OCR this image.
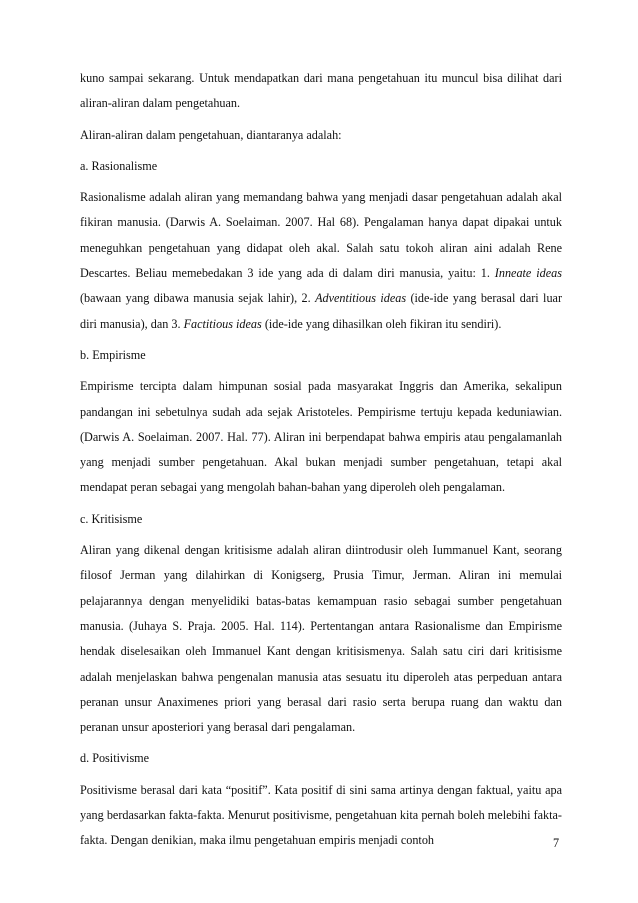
kuno sampai sekarang. Untuk mendapatkan dari mana pengetahuan itu muncul bisa dilihat dari aliran-aliran dalam pengetahuan.

Aliran-aliran dalam pengetahuan, diantaranya adalah:

a. Rasionalisme

Rasionalisme adalah aliran yang memandang bahwa yang menjadi dasar pengetahuan adalah akal fikiran manusia. (Darwis A. Soelaiman. 2007. Hal 68). Pengalaman hanya dapat dipakai untuk meneguhkan pengetahuan yang didapat oleh akal. Salah satu tokoh aliran aini adalah Rene Descartes. Beliau memebedakan 3 ide yang ada di dalam diri manusia, yaitu: 1. Inneate ideas (bawaan yang dibawa manusia sejak lahir), 2. Adventitious ideas (ide-ide yang berasal dari luar diri manusia), dan 3. Factitious ideas (ide-ide yang dihasilkan oleh fikiran itu sendiri).

b. Empirisme

Empirisme tercipta dalam himpunan sosial pada masyarakat Inggris dan Amerika, sekalipun pandangan ini sebetulnya sudah ada sejak Aristoteles. Pempirisme tertuju kepada keduniawian. (Darwis A. Soelaiman. 2007. Hal. 77). Aliran ini berpendapat bahwa empiris atau pengalamanlah yang menjadi sumber pengetahuan. Akal bukan menjadi sumber pengetahuan, tetapi akal mendapat peran sebagai yang mengolah bahan-bahan yang diperoleh oleh pengalaman.

c. Kritisisme

Aliran yang dikenal dengan kritisisme adalah aliran diintrodusir oleh Iummanuel Kant, seorang filosof Jerman yang dilahirkan di Konigserg, Prusia Timur, Jerman. Aliran ini memulai pelajarannya dengan menyelidiki batas-batas kemampuan rasio sebagai sumber pengetahuan manusia. (Juhaya S. Praja. 2005. Hal. 114). Pertentangan antara Rasionalisme dan Empirisme hendak diselesaikan oleh Immanuel Kant dengan kritisismenya. Salah satu ciri dari kritisisme adalah menjelaskan bahwa pengenalan manusia atas sesuatu itu diperoleh atas perpeduan antara peranan unsur Anaximenes priori yang berasal dari rasio serta berupa ruang dan waktu dan peranan unsur aposteriori yang berasal dari pengalaman.

d. Positivisme

Positivisme berasal dari kata “positif”. Kata positif di sini sama artinya dengan faktual, yaitu apa yang berdasarkan fakta-fakta. Menurut positivisme, pengetahuan kita pernah boleh melebihi fakta-fakta. Dengan denikian, maka ilmu pengetahuan empiris menjadi contoh	7
